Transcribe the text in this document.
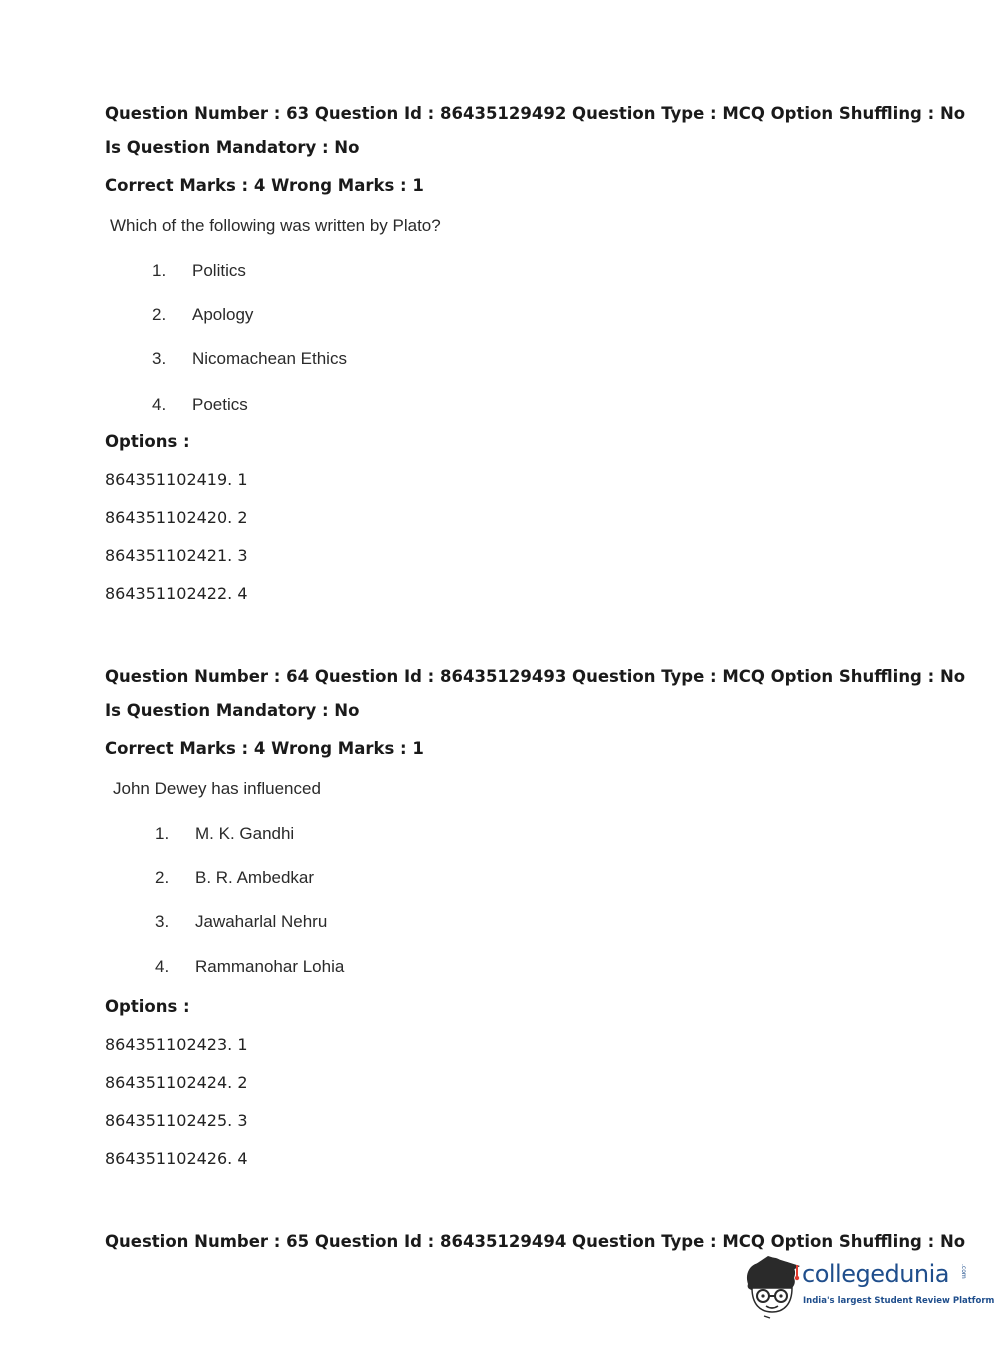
Question Number : 63 Question Id : 86435129492 Question Type : MCQ Option Shuffling : No
Is Question Mandatory : No
Correct Marks : 4 Wrong Marks : 1
Which of the following was written by Plato?
1. Politics
2. Apology
3. Nicomachean Ethics
4. Poetics
Options :
864351102419. 1
864351102420. 2
864351102421. 3
864351102422. 4
Question Number : 64 Question Id : 86435129493 Question Type : MCQ Option Shuffling : No
Is Question Mandatory : No
Correct Marks : 4 Wrong Marks : 1
John Dewey has influenced
1. M. K. Gandhi
2. B. R. Ambedkar
3. Jawaharlal Nehru
4. Rammanohar Lohia
Options :
864351102423. 1
864351102424. 2
864351102425. 3
864351102426. 4
Question Number : 65 Question Id : 86435129494 Question Type : MCQ Option Shuffling : No
collegedunia .com
India's largest Student Review Platform
